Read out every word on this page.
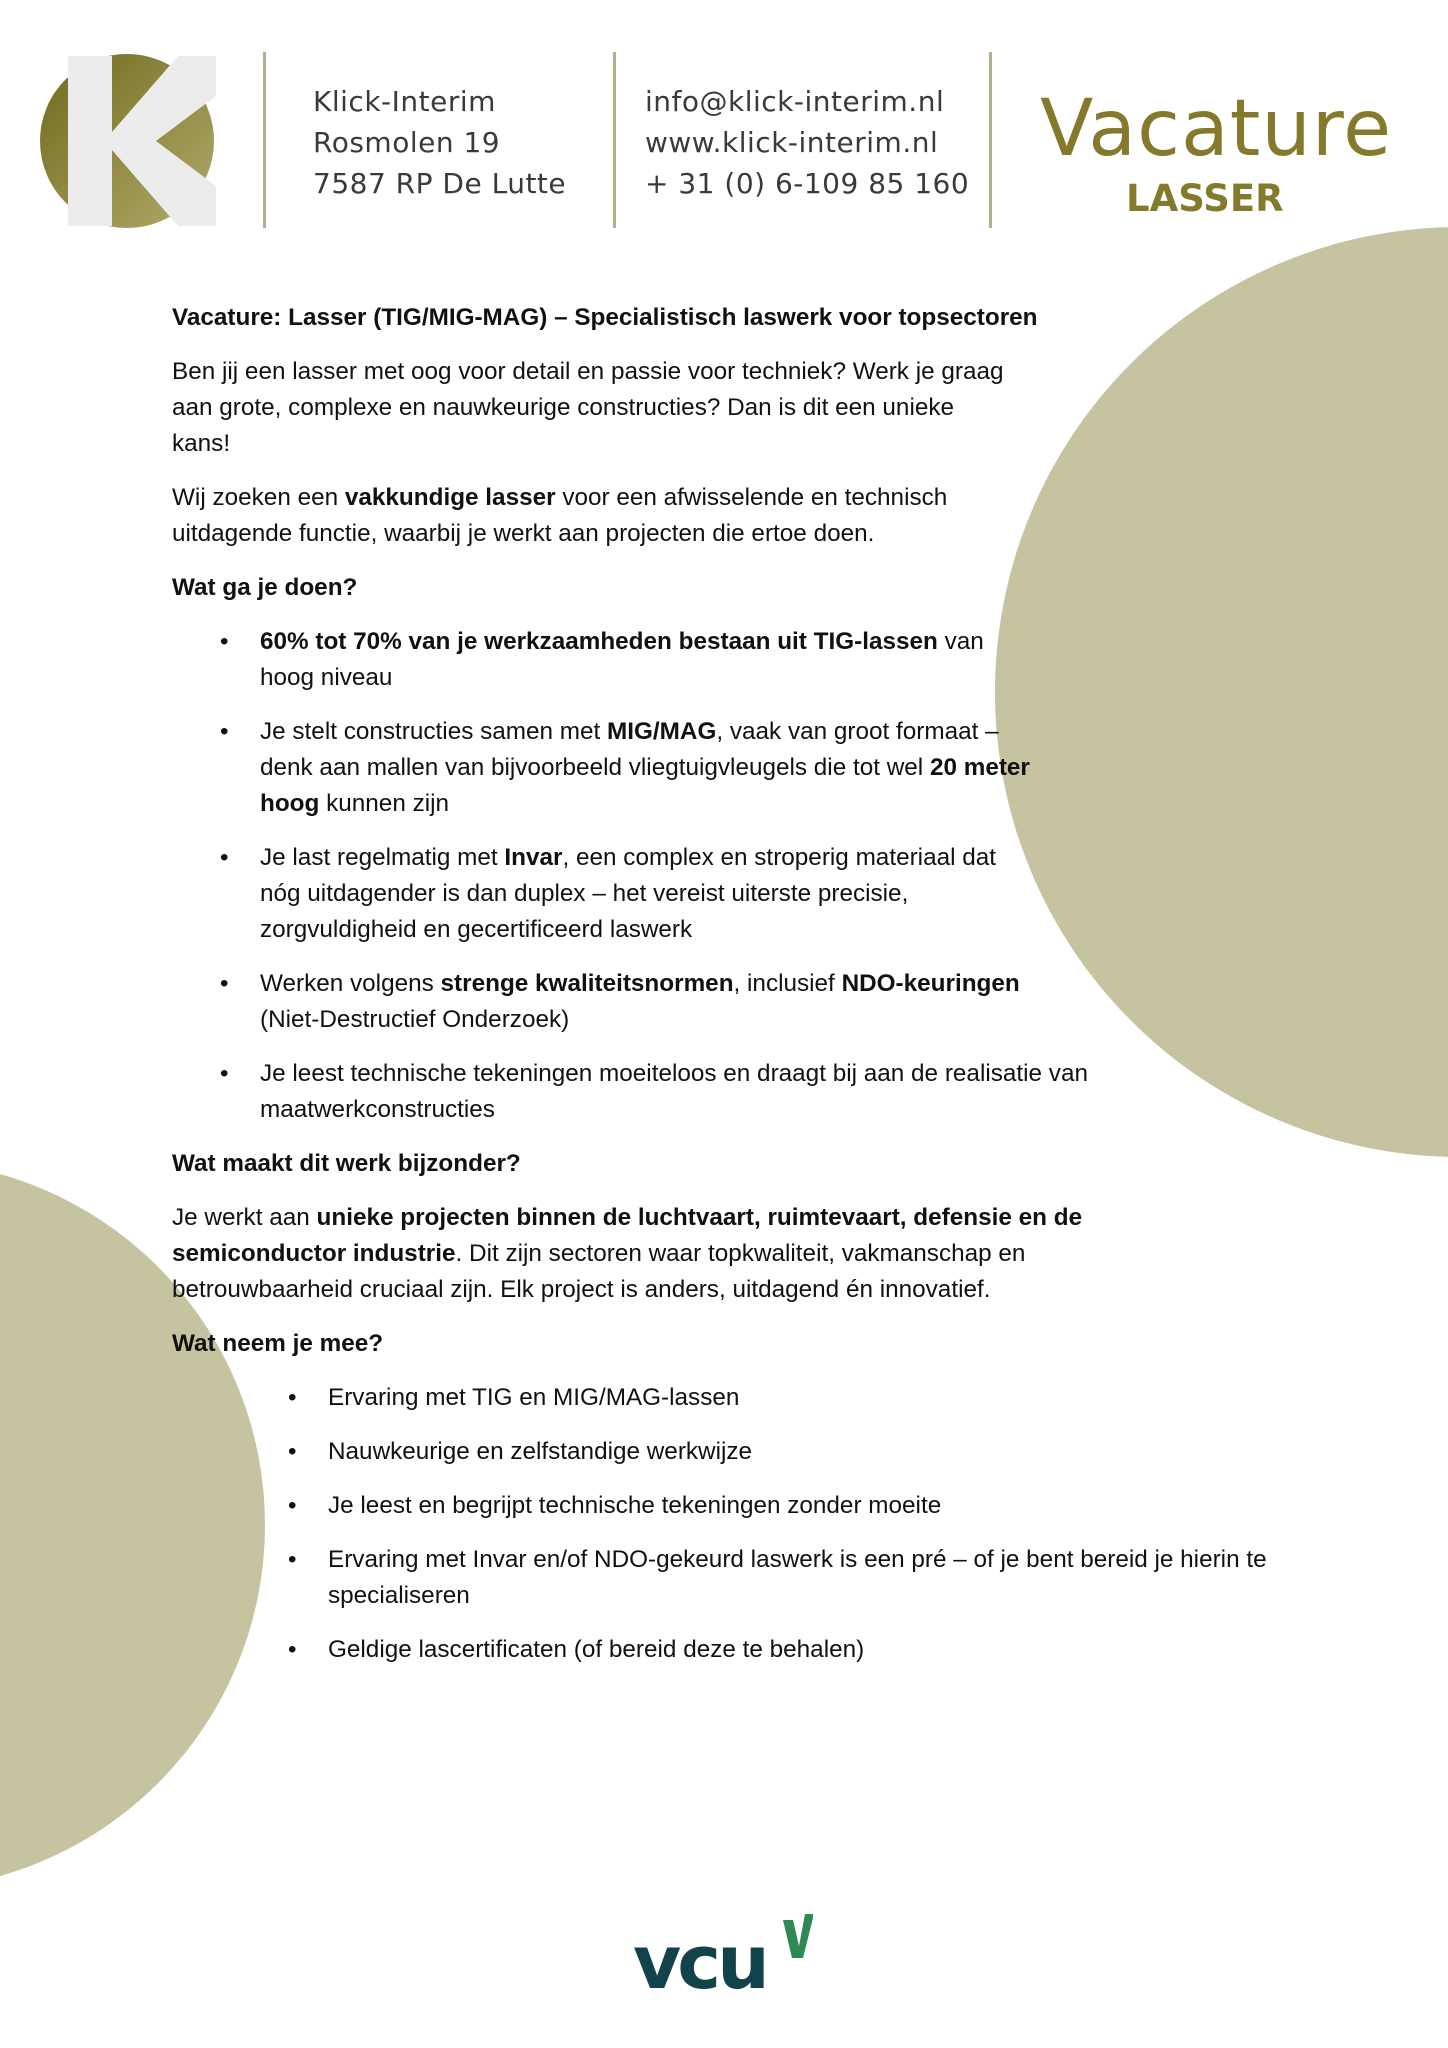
Klick-Interim
Rosmolen 19
7587 RP De Lutte
info@klick-interim.nl
www.klick-interim.nl
+ 31 (0) 6-109 85 160
Vacature
LASSER
Vacature: Lasser (TIG/MIG-MAG) – Specialistisch laswerk voor topsectoren

Ben jij een lasser met oog voor detail en passie voor techniek? Werk je graag aan grote, complexe en nauwkeurige constructies? Dan is dit een unieke kans!

Wij zoeken een vakkundige lasser voor een afwisselende en technisch uitdagende functie, waarbij je werkt aan projecten die ertoe doen.

Wat ga je doen?
• 60% tot 70% van je werkzaamheden bestaan uit TIG-lassen van hoog niveau
• Je stelt constructies samen met MIG/MAG, vaak van groot formaat – denk aan mallen van bijvoorbeeld vliegtuigvleugels die tot wel 20 meter hoog kunnen zijn
• Je last regelmatig met Invar, een complex en stroperig materiaal dat nóg uitdagender is dan duplex – het vereist uiterste precisie, zorgvuldigheid en gecertificeerd laswerk
• Werken volgens strenge kwaliteitsnormen, inclusief NDO-keuringen (Niet-Destructief Onderzoek)
• Je leest technische tekeningen moeiteloos en draagt bij aan de realisatie van maatwerkconstructies
Wat maakt dit werk bijzonder?

Je werkt aan unieke projecten binnen de luchtvaart, ruimtevaart, defensie en de semiconductor industrie. Dit zijn sectoren waar topkwaliteit, vakmanschap en betrouwbaarheid cruciaal zijn. Elk project is anders, uitdagend én innovatief.

Wat neem je mee?
• Ervaring met TIG en MIG/MAG-lassen
• Nauwkeurige en zelfstandige werkwijze
• Je leest en begrijpt technische tekeningen zonder moeite
• Ervaring met Invar en/of NDO-gekeurd laswerk is een pré – of je bent bereid je hierin te specialiseren
• Geldige lascertificaten (of bereid deze te behalen)
vcu
